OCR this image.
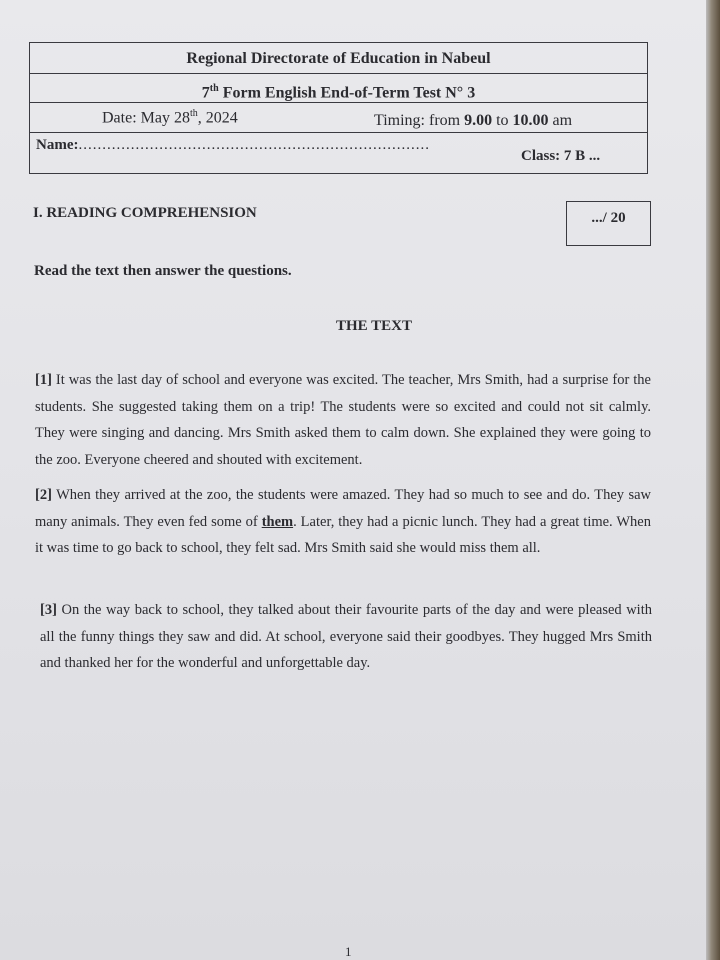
Regional Directorate of Education in Nabeul
7th Form English End-of-Term Test N° 3
Date: May 28th, 2024	Timing: from 9.00 to 10.00 am
Name:..........................................................................
Class: 7 B ...
I. READING COMPREHENSION	.../ 20
Read the text then answer the questions.
THE TEXT
[1] It was the last day of school and everyone was excited. The teacher, Mrs Smith, had a surprise for the students. She suggested taking them on a trip! The students were so excited and could not sit calmly. They were singing and dancing. Mrs Smith asked them to calm down. She explained they were going to the zoo. Everyone cheered and shouted with excitement.
[2] When they arrived at the zoo, the students were amazed. They had so much to see and do. They saw many animals. They even fed some of them. Later, they had a picnic lunch. They had a great time. When it was time to go back to school, they felt sad. Mrs Smith said she would miss them all.
[3] On the way back to school, they talked about their favourite parts of the day and were pleased with all the funny things they saw and did. At school, everyone said their goodbyes. They hugged Mrs Smith and thanked her for the wonderful and unforgettable day.
1
